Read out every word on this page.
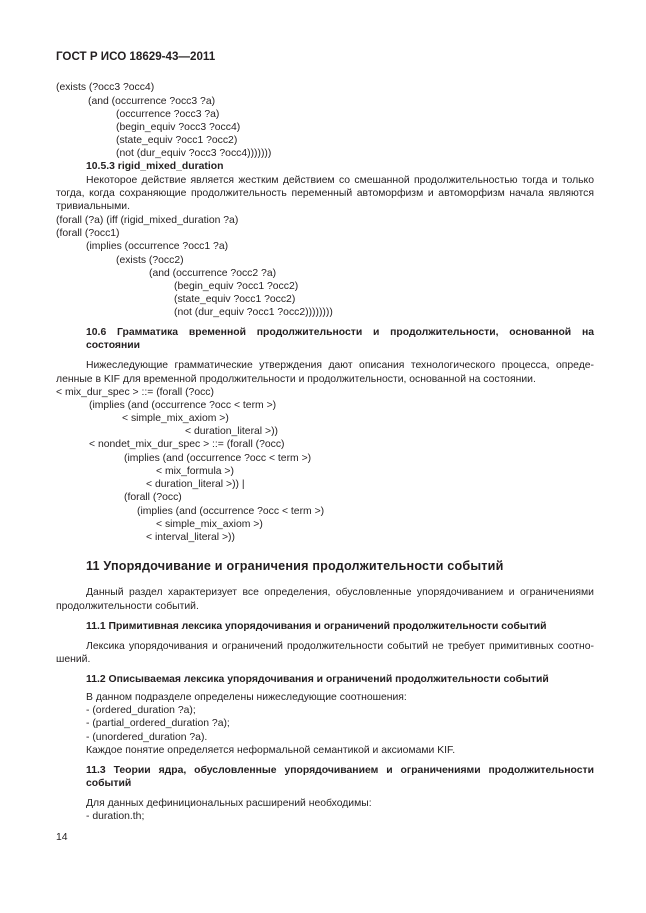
ГОСТ Р ИСО 18629-43—2011
(exists (?occ3 ?occ4)
(and (occurrence ?occ3 ?a)
(occurrence ?occ3 ?a)
(begin_equiv ?occ3 ?occ4)
(state_equiv ?occ1 ?occ2)
(not (dur_equiv ?occ3 ?occ4)))))))
10.5.3 rigid_mixed_duration
Некоторое действие является жестким действием со смешанной продолжительностью тогда и только
тогда, когда сохраняющие продолжительность переменный автоморфизм и автоморфизм начала являются
тривиальными.
(forall (?a) (iff (rigid_mixed_duration ?a)
(forall (?occ1)
(implies (occurrence ?occ1 ?a)
(exists (?occ2)
(and (occurrence ?occ2 ?a)
(begin_equiv ?occ1 ?occ2)
(state_equiv ?occ1 ?occ2)
(not (dur_equiv ?occ1 ?occ2))))))))
10.6 Грамматика временной продолжительности и продолжительности, основанной на
состоянии
Нижеследующие грамматические утверждения дают описания технологического процесса, опреде-
ленные в KIF для временной продолжительности и продолжительности, основанной на состоянии.
< mix_dur_spec > ::= (forall (?occ)
(implies (and (occurrence ?occ < term >)
< simple_mix_axiom >)
< duration_literal >))
< nondet_mix_dur_spec > ::= (forall (?occ)
(implies (and (occurrence ?occ < term >)
< mix_formula >)
< duration_literal >)) |
(forall (?occ)
(implies (and (occurrence ?occ < term >)
< simple_mix_axiom >)
< interval_literal >))
11 Упорядочивание и ограничения продолжительности событий
Данный раздел характеризует все определения, обусловленные упорядочиванием и ограничениями
продолжительности событий.
11.1 Примитивная лексика упорядочивания и ограничений продолжительности событий
Лексика упорядочивания и ограничений продолжительности событий не требует примитивных соотно-
шений.
11.2 Описываемая лексика упорядочивания и ограничений продолжительности событий
В данном подразделе определены нижеследующие соотношения:
- (ordered_duration ?a);
- (partial_ordered_duration ?a);
- (unordered_duration ?a).
Каждое понятие определяется неформальной семантикой и аксиомами KIF.
11.3 Теории ядра, обусловленные упорядочиванием и ограничениями продолжительности
событий
Для данных дефинициональных расширений необходимы:
- duration.th;
14
